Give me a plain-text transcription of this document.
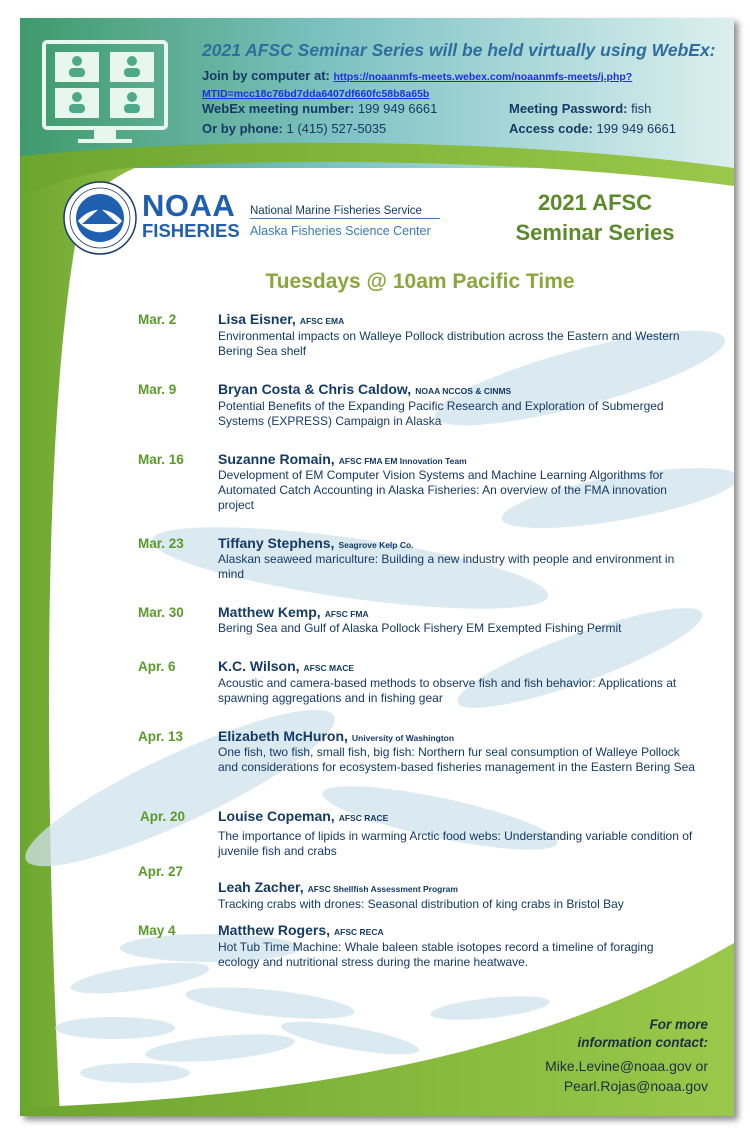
2021 AFSC Seminar Series will be held virtually using WebEx:
Join by computer at: https://noaanmfs-meets.webex.com/noaanmfs-meets/j.php?MTID=mcc18c76bd7dda6407df660fc58b8a65b
WebEx meeting number: 199 949 6661	Meeting Password: fish
Or by phone: 1 (415) 527-5035	Access code: 199 949 6661
NOAA
FISHERIES
National Marine Fisheries Service
Alaska Fisheries Science Center
2021 AFSC
Seminar Series
Tuesdays @ 10am Pacific Time
Mar. 2	Lisa Eisner, AFSC EMA
Environmental impacts on Walleye Pollock distribution across the Eastern and Western Bering Sea shelf
Mar. 9	Bryan Costa & Chris Caldow, NOAA NCCOS & CINMS
Potential Benefits of the Expanding Pacific Research and Exploration of Submerged Systems (EXPRESS) Campaign in Alaska
Mar. 16 Suzanne Romain, AFSC FMA EM Innovation Team
Development of EM Computer Vision Systems and Machine Learning Algorithms for Automated Catch Accounting in Alaska Fisheries: An overview of the FMA innovation project
Mar. 23 Tiffany Stephens, Seagrove Kelp Co.
Alaskan seaweed mariculture: Building a new industry with people and environment in mind
Mar. 30 Matthew Kemp, AFSC FMA
Bering Sea and Gulf of Alaska Pollock Fishery EM Exempted Fishing Permit
Apr. 6	K.C. Wilson, AFSC MACE
Acoustic and camera-based methods to observe fish and fish behavior: Applications at spawning aggregations and in fishing gear
Apr. 13 Elizabeth McHuron, University of Washington
One fish, two fish, small fish, big fish: Northern fur seal consumption of Walleye Pollock and considerations for ecosystem-based fisheries management in the Eastern Bering Sea
Apr. 20 Louise Copeman, AFSC RACE
The importance of lipids in warming Arctic food webs: Understanding variable condition of juvenile fish and crabs
Apr. 27
Leah Zacher, AFSC Shellfish Assessment Program
Tracking crabs with drones: Seasonal distribution of king crabs in Bristol Bay
May 4	Matthew Rogers, AFSC RECA
Hot Tub Time Machine: Whale baleen stable isotopes record a timeline of foraging ecology and nutritional stress during the marine heatwave.
For more
information contact:
Mike.Levine@noaa.gov or
Pearl.Rojas@noaa.gov
